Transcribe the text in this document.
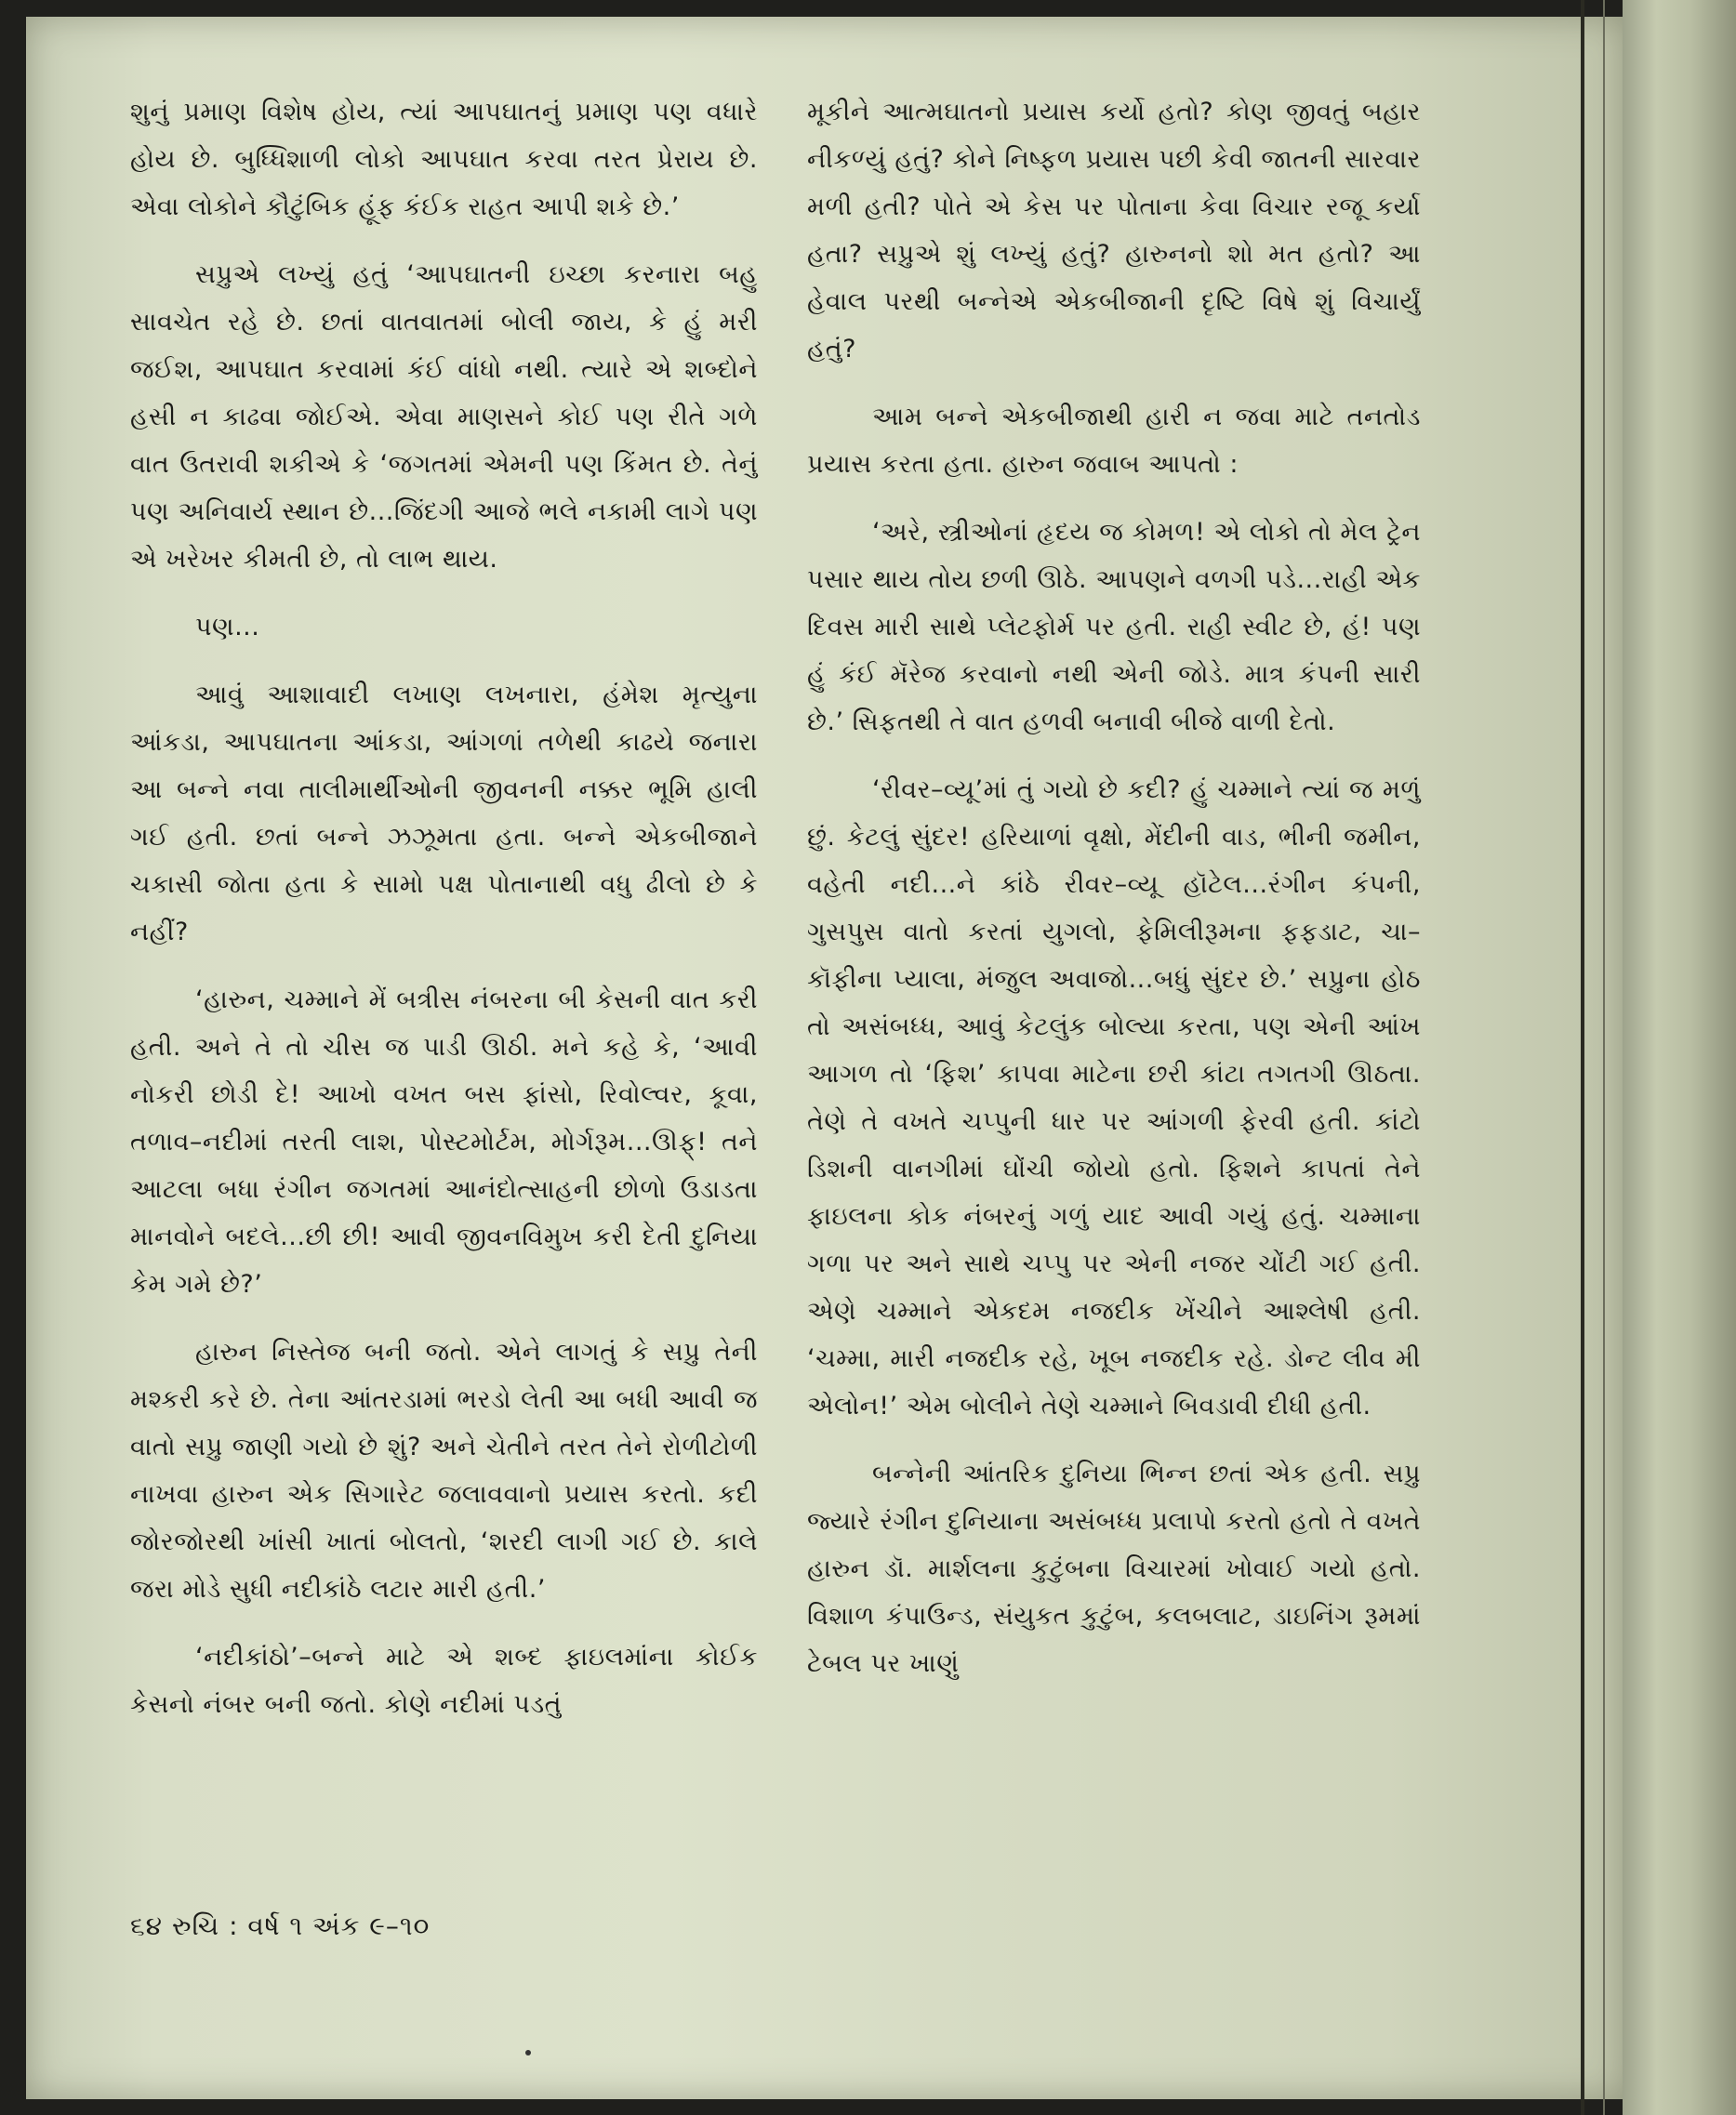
શુનું પ્રમાણ વિશેષ હોય, ત્યાં આપઘાતનું પ્રમાણ પણ વધારે હોય છે. બુધ્ધિશાળી લોકો આપઘાત કરવા તરત પ્રેરાય છે. એવા લોકોને કૌટુંબિક હૂંફ કંઈક રાહત આપી શકે છે.’

સપ્રુએ લખ્યું હતું ‘આપઘાતની ઇચ્છા કરનારા બહુ સાવચેત રહે છે. છતાં વાતવાતમાં બોલી જાય, કે હું મરી જઈશ, આપઘાત કરવામાં કંઈ વાંધો નથી. ત્યારે એ શબ્દોને હસી ન કાઢવા જોઈએ. એવા માણસને કોઈ પણ રીતે ગળે વાત ઉતરાવી શકીએ કે ‘જગતમાં એમની પણ કિંમત છે. તેનું પણ અનિવાર્ય સ્થાન છે...જિંદગી આજે ભલે નકામી લાગે પણ એ ખરેખર કીમતી છે, તો લાભ થાય.

પણ...

આવું આશાવાદી લખાણ લખનારા, હંમેશ મૃત્યુના આંકડા, આપઘાતના આંકડા, આંગળાં તળેથી કાઢયે જનારા આ બન્ને નવા તાલીમાર્થીઓની જીવનની નક્કર ભૂમિ હાલી ગઈ હતી. છતાં બન્ને ઝઝૂમતા હતા. બન્ને એકબીજાને ચકાસી જોતા હતા કે સામો પક્ષ પોતાનાથી વધુ ઢીલો છે કે નહીં?

‘હારુન, ચમ્માને મેં બત્રીસ નંબરના બી કેસની વાત કરી હતી. અને તે તો ચીસ જ પાડી ઊઠી. મને કહે કે, ‘આવી નોકરી છોડી દે! આખો વખત બસ ફાંસો, રિવોલ્વર, કૂવા, તળાવ–નદીમાં તરતી લાશ, પોસ્ટમોર્ટમ, મોર્ગરૂમ...ઊફ્! તને આટલા બધા રંગીન જગતમાં આનંદોત્સાહની છોળો ઉડાડતા માનવોને બદલે...છી છી! આવી જીવનવિમુખ કરી દેતી દુનિયા કેમ ગમે છે?’

હારુન નિસ્તેજ બની જતો. એને લાગતું કે સપ્રુ તેની મશ્કરી કરે છે. તેના આંતરડામાં ભરડો લેતી આ બધી આવી જ વાતો સપ્રુ જાણી ગયો છે શું? અને ચેતીને તરત તેને રોળીટોળી નાખવા હારુન એક સિગારેટ જલાવવાનો પ્રયાસ કરતો. કદી જોરજોરથી ખાંસી ખાતાં બોલતો, ‘શરદી લાગી ગઈ છે. કાલે જરા મોડે સુધી નદીકાંઠે લટાર મારી હતી.’

‘નદીકાંઠો’–બન્ને માટે એ શબ્દ ફાઇલમાંના કોઈક કેસનો નંબર બની જતો. કોણે નદીમાં પડતું

મૂકીને આત્મઘાતનો પ્રયાસ કર્યો હતો? કોણ જીવતું બહાર નીકળ્યું હતું? કોને નિષ્ફળ પ્રયાસ પછી કેવી જાતની સારવાર મળી હતી? પોતે એ કેસ પર પોતાના કેવા વિચાર રજૂ કર્યા હતા? સપ્રુએ શું લખ્યું હતું? હારુનનો શો મત હતો? આ હેવાલ પરથી બન્નેએ એકબીજાની દૃષ્ટિ વિષે શું વિચાર્યું હતું?

આમ બન્ને એકબીજાથી હારી ન જવા માટે તનતોડ પ્રયાસ કરતા હતા. હારુન જવાબ આપતો :

‘અરે, સ્ત્રીઓનાં હૃદય જ કોમળ! એ લોકો તો મેલ ટ્રેન પસાર થાય તોય છળી ઊઠે. આપણને વળગી પડે...રાહી એક દિવસ મારી સાથે પ્લેટફોર્મ પર હતી. રાહી સ્વીટ છે, હં! પણ હું કંઈ મૅરેજ કરવાનો નથી એની જોડે. માત્ર કંપની સારી છે.’ સિફતથી તે વાત હળવી બનાવી બીજે વાળી દેતો.

‘રીવર–વ્યૂ’માં તું ગયો છે કદી? હું ચમ્માને ત્યાં જ મળું છું. કેટલું સુંદર! હરિયાળાં વૃક્ષો, મેંદીની વાડ, ભીની જમીન, વહેતી નદી...ને કાંઠે રીવર–વ્યૂ હૉટેલ...રંગીન કંપની, ગુસપુસ વાતો કરતાં યુગલો, ફેમિલીરૂમના ફફડાટ, ચા–કૉફીના પ્યાલા, મંજુલ અવાજો...બધું સુંદર છે.’ સપ્રુના હોઠ તો અસંબધ્ધ, આવું કેટલુંક બોલ્યા કરતા, પણ એની આંખ આગળ તો ‘ફિશ’ કાપવા માટેના છરી કાંટા તગતગી ઊઠતા. તેણે તે વખતે ચપ્પુની ધાર પર આંગળી ફેરવી હતી. કાંટો ડિશની વાનગીમાં ઘોંચી જોયો હતો. ફિશને કાપતાં તેને ફાઇલના કોક નંબરનું ગળું યાદ આવી ગયું હતું. ચમ્માના ગળા પર અને સાથે ચપ્પુ પર એની નજર ચોંટી ગઈ હતી. એણે ચમ્માને એકદમ નજદીક ખેંચીને આશ્લેષી હતી. ‘ચમ્મા, મારી નજદીક રહે, ખૂબ નજદીક રહે. ડોન્ટ લીવ મી એલોન!’ એમ બોલીને તેણે ચમ્માને બિવડાવી દીધી હતી.

બન્નેની આંતરિક દુનિયા ભિન્ન છતાં એક હતી. સપ્રુ જ્યારે રંગીન દુનિયાના અસંબધ્ધ પ્રલાપો કરતો હતો તે વખતે હારુન ડૉ. માર્શલના કુટુંબના વિચારમાં ખોવાઈ ગયો હતો. વિશાળ કંપાઉન્ડ, સંયુકત કુટુંબ, કલબલાટ, ડાઇનિંગ રૂમમાં ટેબલ પર ખાણું

૬૪ રુચિ : વર્ષ ૧ અંક ૯–૧૦
